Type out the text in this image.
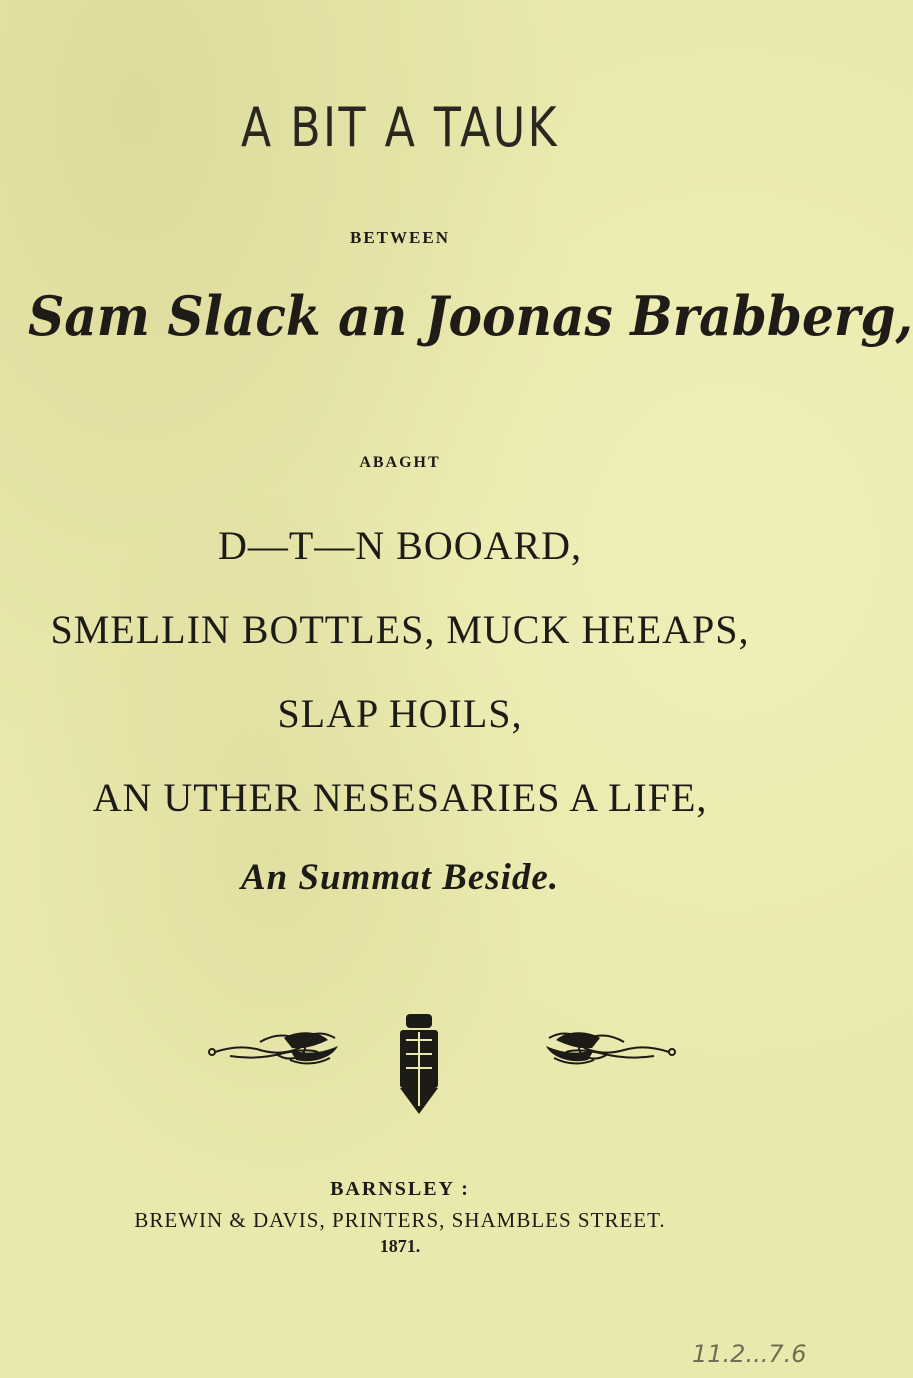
A BIT A TAUK
BETWEEN
Sam Slack an Joonas Brabberg,
ABAGHT
D—T—N BOOARD,
SMELLIN BOTTLES, MUCK HEEAPS,
SLAP HOILS,
AN UTHER NESESARIES A LIFE,
An Summat Beside.
BARNSLEY :
BREWIN & DAVIS, PRINTERS, SHAMBLES STREET.
1871.
11.2...7.6
